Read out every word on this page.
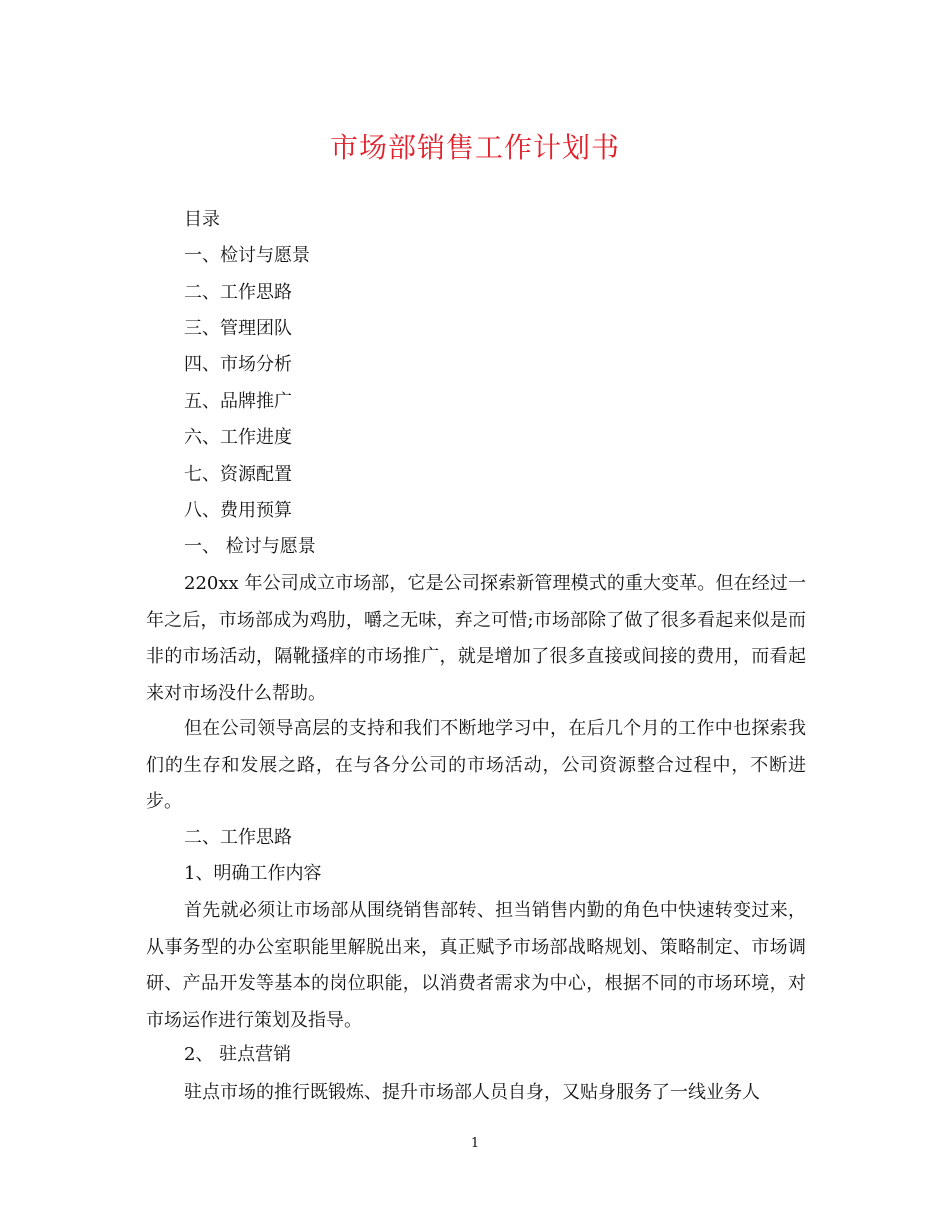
市场部销售工作计划书

目录

一、检讨与愿景

二、工作思路

三、管理团队

四、市场分析

五、品牌推广

六、工作进度

七、资源配置

八、费用预算

一、 检讨与愿景

220xx 年公司成立市场部，它是公司探索新管理模式的重大变革。但在经过一年之后，市场部成为鸡肋，嚼之无味，弃之可惜;市场部除了做了很多看起来似是而非的市场活动，隔靴搔痒的市场推广，就是增加了很多直接或间接的费用，而看起来对市场没什么帮助。

但在公司领导高层的支持和我们不断地学习中，在后几个月的工作中也探索我们的生存和发展之路，在与各分公司的市场活动，公司资源整合过程中，不断进步。

二、工作思路

1、明确工作内容

首先就必须让市场部从围绕销售部转、担当销售内勤的角色中快速转变过来，从事务型的办公室职能里解脱出来，真正赋予市场部战略规划、策略制定、市场调研、产品开发等基本的岗位职能，以消费者需求为中心，根据不同的市场环境，对市场运作进行策划及指导。

2、 驻点营销

驻点市场的推行既锻炼、提升市场部人员自身，又贴身服务了一线业务人

1
